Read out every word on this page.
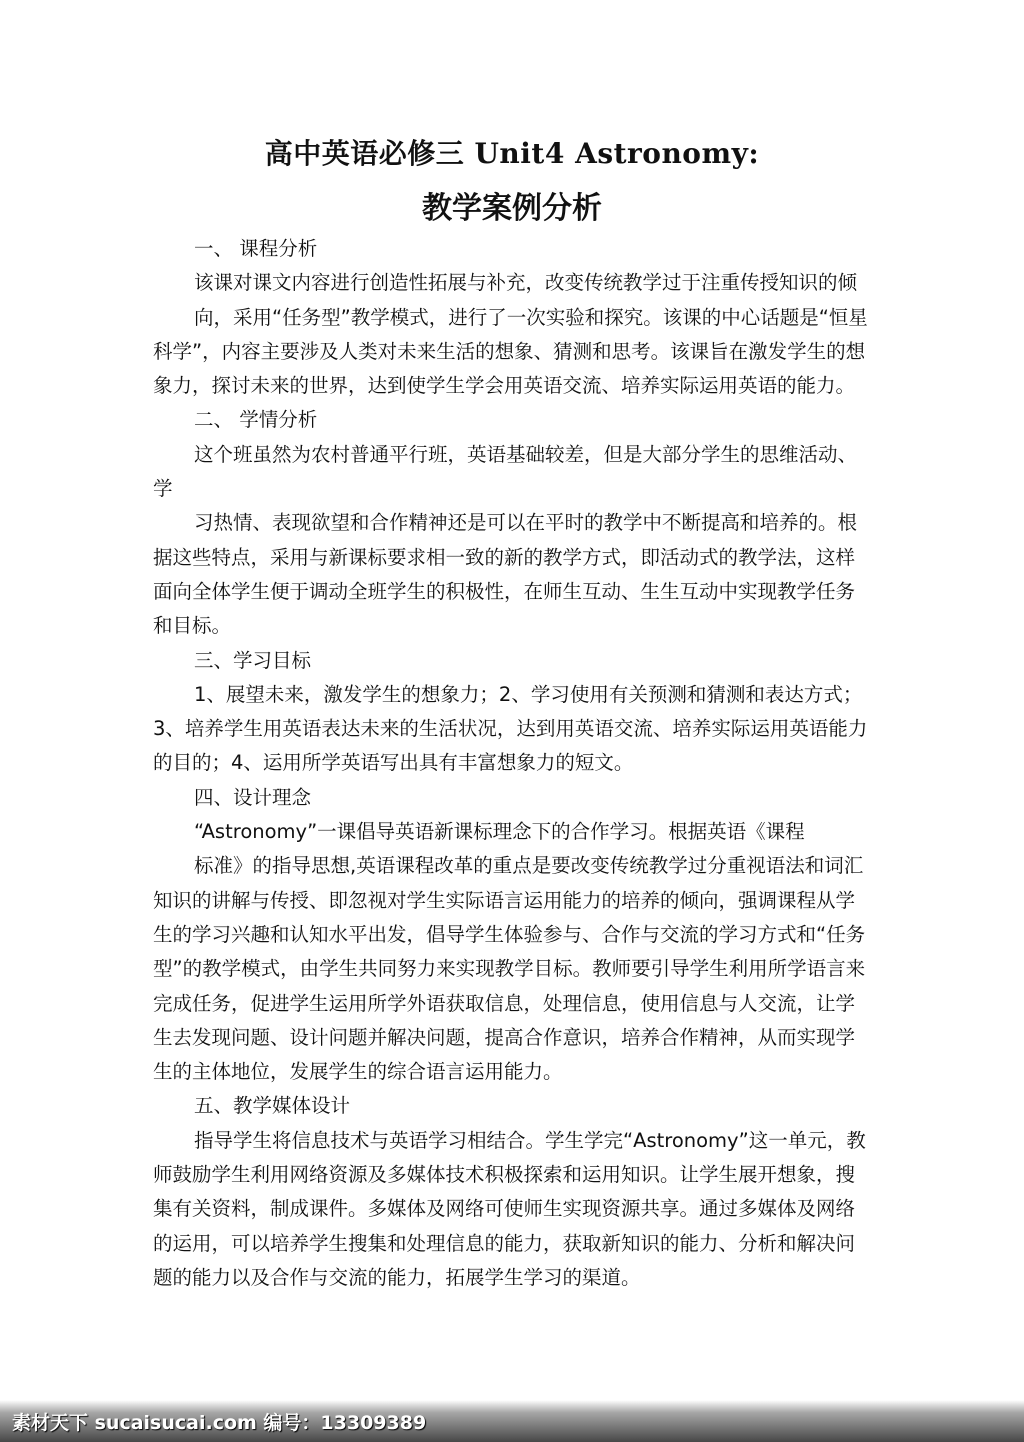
高中英语必修三 Unit4 Astronomy:
教学案例分析

一、 课程分析

该课对课文内容进行创造性拓展与补充，改变传统教学过于注重传授知识的倾

向，采用“任务型”教学模式，进行了一次实验和探究。该课的中心话题是“恒星科学”，内容主要涉及人类对未来生活的想象、猜测和思考。该课旨在激发学生的想象力，探讨未来的世界，达到使学生学会用英语交流、培养实际运用英语的能力。

二、 学情分析

这个班虽然为农村普通平行班，英语基础较差，但是大部分学生的思维活动、学

习热情、表现欲望和合作精神还是可以在平时的教学中不断提高和培养的。根据这些特点，采用与新课标要求相一致的新的教学方式，即活动式的教学法，这样面向全体学生便于调动全班学生的积极性，在师生互动、生生互动中实现教学任务和目标。

三、学习目标

1、展望未来，激发学生的想象力；2、学习使用有关预测和猜测和表达方式；3、培养学生用英语表达未来的生活状况，达到用英语交流、培养实际运用英语能力的目的；4、运用所学英语写出具有丰富想象力的短文。

四、设计理念

“Astronomy”一课倡导英语新课标理念下的合作学习。根据英语《课程

标准》的指导思想,英语课程改革的重点是要改变传统教学过分重视语法和词汇知识的讲解与传授、即忽视对学生实际语言运用能力的培养的倾向，强调课程从学生的学习兴趣和认知水平出发，倡导学生体验参与、合作与交流的学习方式和“任务型”的教学模式，由学生共同努力来实现教学目标。教师要引导学生利用所学语言来完成任务，促进学生运用所学外语获取信息，处理信息，使用信息与人交流，让学生去发现问题、设计问题并解决问题，提高合作意识，培养合作精神，从而实现学生的主体地位，发展学生的综合语言运用能力。

五、教学媒体设计

指导学生将信息技术与英语学习相结合。学生学完“Astronomy”这一单元，教师鼓励学生利用网络资源及多媒体技术积极探索和运用知识。让学生展开想象，搜集有关资料，制成课件。多媒体及网络可使师生实现资源共享。通过多媒体及网络的运用，可以培养学生搜集和处理信息的能力，获取新知识的能力、分析和解决问题的能力以及合作与交流的能力，拓展学生学习的渠道。

素材天下 sucaisucai.com 编号：13309389
